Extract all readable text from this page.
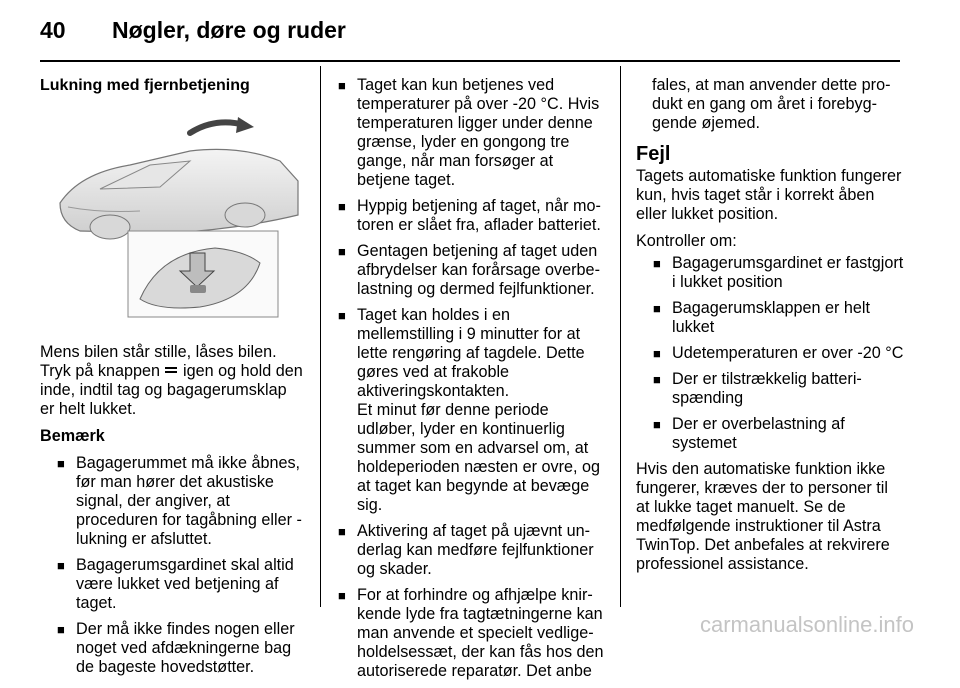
40 Nøgler, døre og ruder

Lukning med fjernbetjening

Mens bilen står stille, låses bilen. Tryk på knappen  igen og hold den inde, indtil tag og bagagerumsklap er helt lukket.

Bemærk

■ Bagagerummet må ikke åbnes, før man hører det akustiske signal, der angiver, at proceduren for tagåbning eller -lukning er afsluttet.
■ Bagagerumsgardinet skal altid være lukket ved betjening af taget.
■ Der må ikke findes nogen eller noget ved afdækningerne bag de bageste hovedstøtter.
■ Taget kan kun betjenes ved temperaturer på over -20 °C. Hvis temperaturen ligger under denne grænse, lyder en gongong tre gange, når man forsøger at betjene taget.
■ Hyppig betjening af taget, når motoren er slået fra, aflader batteriet.
■ Gentagen betjening af taget uden afbrydelser kan forårsage overbelastning og dermed fejlfunktioner.
■ Taget kan holdes i en mellemstilling i 9 minutter for at lette rengøring af tagdele. Dette gøres ved at frakoble aktiveringskontakten.
Et minut før denne periode udløber, lyder en kontinuerlig summer som en advarsel om, at holdeperioden næsten er ovre, og at taget kan begynde at bevæge sig.
■ Aktivering af taget på ujævnt underlag kan medføre fejlfunktioner og skader.
■ For at forhindre og afhjælpe knirkende lyde fra tagtætningerne kan man anvende et specielt vedligeholdelsessæt, der kan fås hos den autoriserede reparatør. Det anbe

fales, at man anvender dette produkt en gang om året i forebyggende øjemed.

Fejl

Tagets automatiske funktion fungerer kun, hvis taget står i korrekt åben eller lukket position.

Kontroller om:

■ Bagagerumsgardinet er fastgjort i lukket position
■ Bagagerumsklappen er helt lukket
■ Udetemperaturen er over -20 °C
■ Der er tilstrækkelig batterispænding
■ Der er overbelastning af systemet

Hvis den automatiske funktion ikke fungerer, kræves der to personer til at lukke taget manuelt. Se de medfølgende instruktioner til Astra TwinTop. Det anbefales at rekvirere professionel assistance.

carmanualsonline.info
